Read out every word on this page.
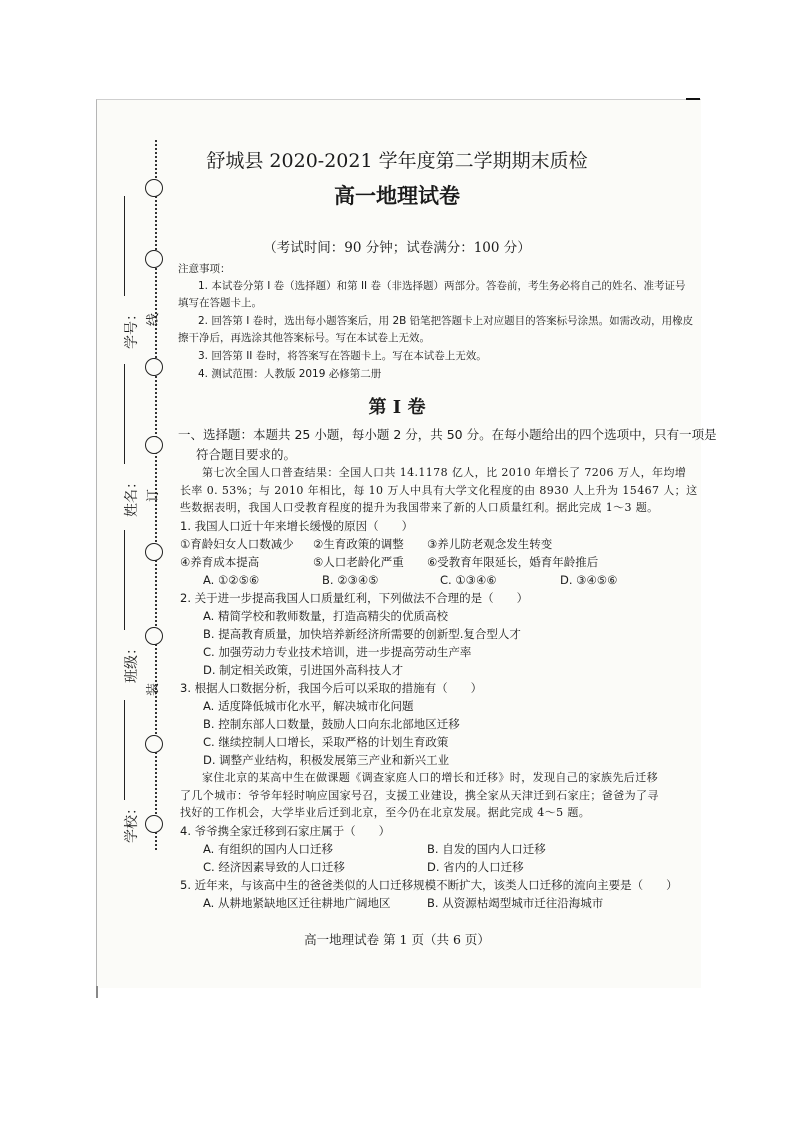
学号：
姓名：
班级：
学校：
线
订
装
舒城县 2020-2021 学年度第二学期期末质检
高一地理试卷
（考试时间：90 分钟；试卷满分：100 分）
注意事项：
1. 本试卷分第 I 卷（选择题）和第 II 卷（非选择题）两部分。答卷前，考生务必将自己的姓名、准考证号
填写在答题卡上。
2. 回答第 I 卷时，选出每小题答案后，用 2B 铅笔把答题卡上对应题目的答案标号涂黑。如需改动，用橡皮
擦干净后，再选涂其他答案标号。写在本试卷上无效。
3. 回答第 II 卷时，将答案写在答题卡上。写在本试卷上无效。
4. 测试范围：人教版 2019 必修第二册
第 I 卷
一、选择题：本题共 25 小题，每小题 2 分，共 50 分。在每小题给出的四个选项中，只有一项是
符合题目要求的。
第七次全国人口普查结果：全国人口共 14.1178 亿人，比 2010 年增长了 7206 万人，年均增
长率 0. 53%；与 2010 年相比，每 10 万人中具有大学文化程度的由 8930 人上升为 15467 人；这
些数据表明，我国人口受教育程度的提升为我国带来了新的人口质量红利。据此完成 1～3 题。
1. 我国人口近十年来增长缓慢的原因（　　）
①育龄妇女人口数减少 ②生育政策的调整 ③养儿防老观念发生转变
④养育成本提高	⑤人口老龄化严重 ⑥受教育年限延长，婚育年龄推后
A. ①②⑤⑥	B. ②③④⑤	C. ①③④⑥	D. ③④⑤⑥
2. 关于进一步提高我国人口质量红利，下列做法不合理的是（　　）
A. 精简学校和教师数量，打造高精尖的优质高校
B. 提高教育质量，加快培养新经济所需要的创新型.复合型人才
C. 加强劳动力专业技术培训，进一步提高劳动生产率
D. 制定相关政策，引进国外高科技人才
3. 根据人口数据分析，我国今后可以采取的措施有（　　）
A. 适度降低城市化水平，解决城市化问题
B. 控制东部人口数量，鼓励人口向东北部地区迁移
C. 继续控制人口增长，采取严格的计划生育政策
D. 调整产业结构，积极发展第三产业和新兴工业
家住北京的某高中生在做课题《调查家庭人口的增长和迁移》时，发现自己的家族先后迁移
了几个城市：爷爷年轻时响应国家号召，支援工业建设，携全家从天津迁到石家庄；爸爸为了寻
找好的工作机会，大学毕业后迁到北京，至今仍在北京发展。据此完成 4～5 题。
4. 爷爷携全家迁移到石家庄属于（　　）
A. 有组织的国内人口迁移	B. 自发的国内人口迁移
C. 经济因素导致的人口迁移	D. 省内的人口迁移
5. 近年来，与该高中生的爸爸类似的人口迁移规模不断扩大，该类人口迁移的流向主要是（　　）
A. 从耕地紧缺地区迁往耕地广阔地区	B. 从资源枯竭型城市迁往沿海城市
高一地理试卷 第 1 页（共 6 页）
